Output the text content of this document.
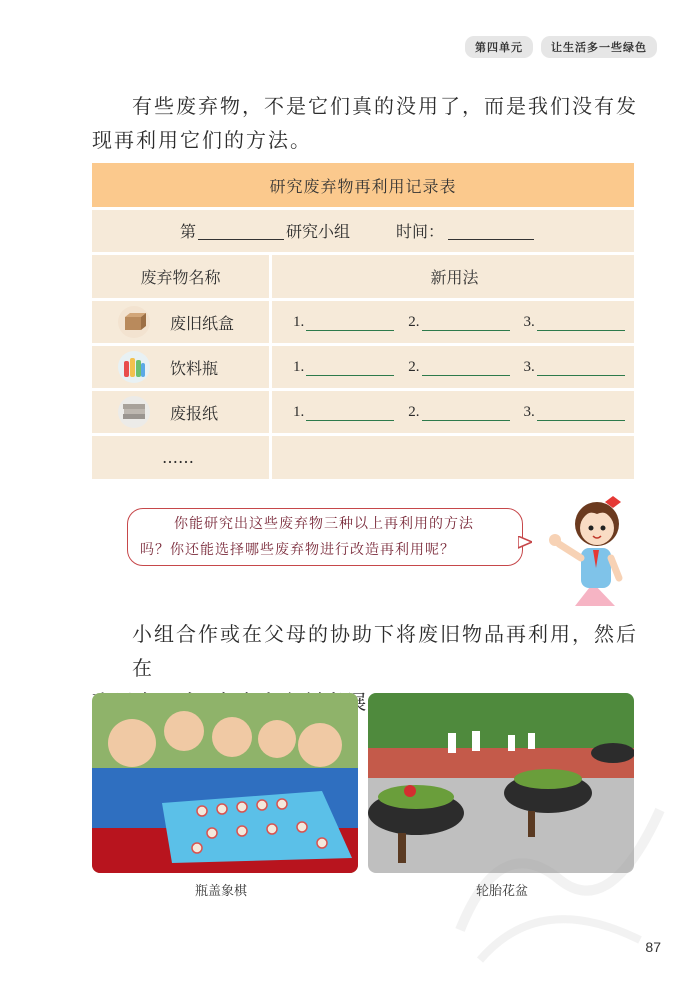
第四单元	让生活多一些绿色
有些废弃物，不是它们真的没用了，而是我们没有发
现再利用它们的方法。
研究废弃物再利用记录表
第	研究小组	时间：
废弃物名称	新用法
废旧纸盒	1.	2.	3.
饮料瓶	1.	2.	3.
废报纸	1.	2.	3.
……
你能研究出这些废弃物三种以上再利用的方法
吗？你还能选择哪些废弃物进行改造再利用呢？
小组合作或在父母的协助下将废旧物品再利用，然后在
瓶盖象棋	轮胎花盆
87
